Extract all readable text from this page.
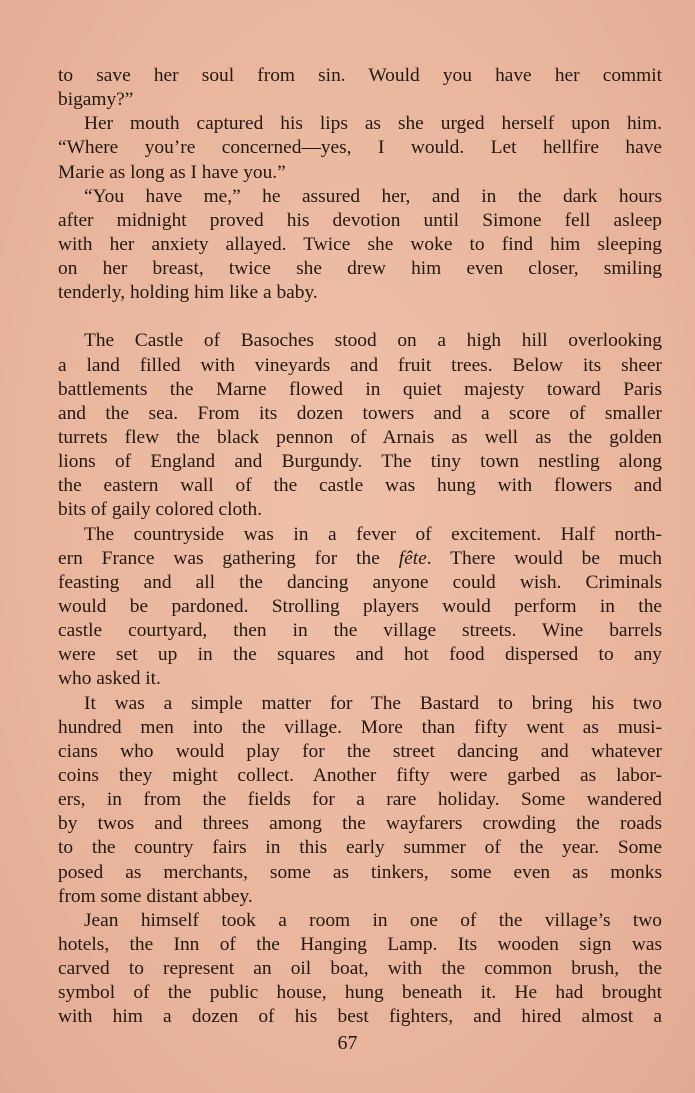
to save her soul from sin. Would you have her commit
bigamy?”
Her mouth captured his lips as she urged herself upon him.
“Where you’re concerned—yes, I would. Let hellfire have
Marie as long as I have you.”
“You have me,” he assured her, and in the dark hours
after midnight proved his devotion until Simone fell asleep
with her anxiety allayed. Twice she woke to find him sleeping
on her breast, twice she drew him even closer, smiling
tenderly, holding him like a baby.
The Castle of Basoches stood on a high hill overlooking
a land filled with vineyards and fruit trees. Below its sheer
battlements the Marne flowed in quiet majesty toward Paris
and the sea. From its dozen towers and a score of smaller
turrets flew the black pennon of Arnais as well as the golden
lions of England and Burgundy. The tiny town nestling along
the eastern wall of the castle was hung with flowers and
bits of gaily colored cloth.
The countryside was in a fever of excitement. Half north-
ern France was gathering for the fête. There would be much
feasting and all the dancing anyone could wish. Criminals
would be pardoned. Strolling players would perform in the
castle courtyard, then in the village streets. Wine barrels
were set up in the squares and hot food dispersed to any
who asked it.
It was a simple matter for The Bastard to bring his two
hundred men into the village. More than fifty went as musi-
cians who would play for the street dancing and whatever
coins they might collect. Another fifty were garbed as labor-
ers, in from the fields for a rare holiday. Some wandered
by twos and threes among the wayfarers crowding the roads
to the country fairs in this early summer of the year. Some
posed as merchants, some as tinkers, some even as monks
from some distant abbey.
Jean himself took a room in one of the village’s two
hotels, the Inn of the Hanging Lamp. Its wooden sign was
carved to represent an oil boat, with the common brush, the
symbol of the public house, hung beneath it. He had brought
with him a dozen of his best fighters, and hired almost a
67
